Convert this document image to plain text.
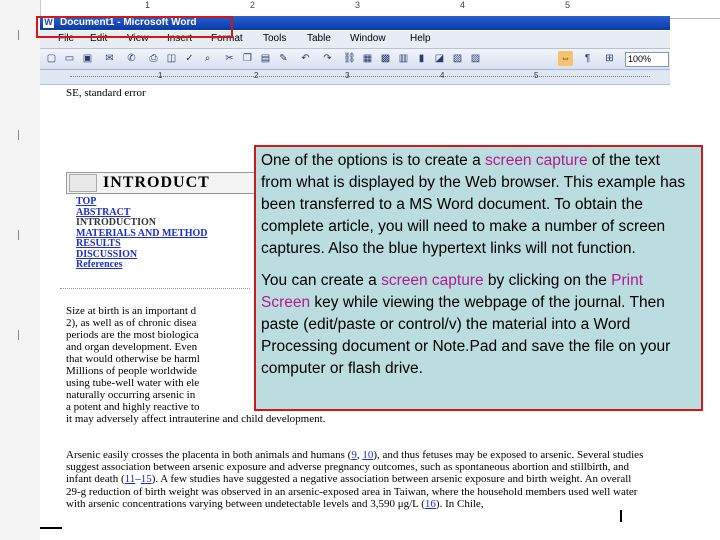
1	2	3	4	5
W Document1 - Microsoft Word
File Edit View Insert Format Tools Table Window Help
▢ ▭ ▣	✉	✆	⎙ ◫ ✓	⌕	✂ ❐ ▤ ✎	↶	↷	⛓ ▦ ▩ ▥	▮	◪ ▧ ▨	⇔	¶	⊞	100%
1	2	3	4	5
SE, standard error
INTRODUCT
TOP
ABSTRACT
INTRODUCTION
MATERIALS AND METHOD
RESULTS
DISCUSSION
References
Size at birth is an important d
2), as well as of chronic disea
periods are the most biologica
and organ development. Even
that would otherwise be harml
Millions of people worldwide
using tube-well water with ele
naturally occurring arsenic in
a potent and highly reactive to
it may adversely affect intrauterine and child development.
Arsenic easily crosses the placenta in both animals and humans (9, 10), and thus fetuses may be exposed to arsenic. Several studies suggest association between arsenic exposure and adverse pregnancy outcomes, such as spontaneous abortion and stillbirth, and infant death (11–15). A few studies have suggested a negative association between arsenic exposure and birth weight. An overall 29-g reduction of birth weight was observed in an arsenic-exposed area in Taiwan, where the household members used well water with arsenic concentrations varying between undetectable levels and 3,590 μg/L (16). In Chile,

One of the options is to create a screen capture of the text from what is displayed by the Web browser. This example has been transferred to a MS Word document. To obtain the complete article, you will need to make a number of screen captures. Also the blue hypertext links will not function.

You can create a screen capture by clicking on the Print Screen key while viewing the webpage of the journal. Then paste (edit/paste or control/v) the material into a Word Processing document or Note.Pad and save the file on your computer or flash drive.
